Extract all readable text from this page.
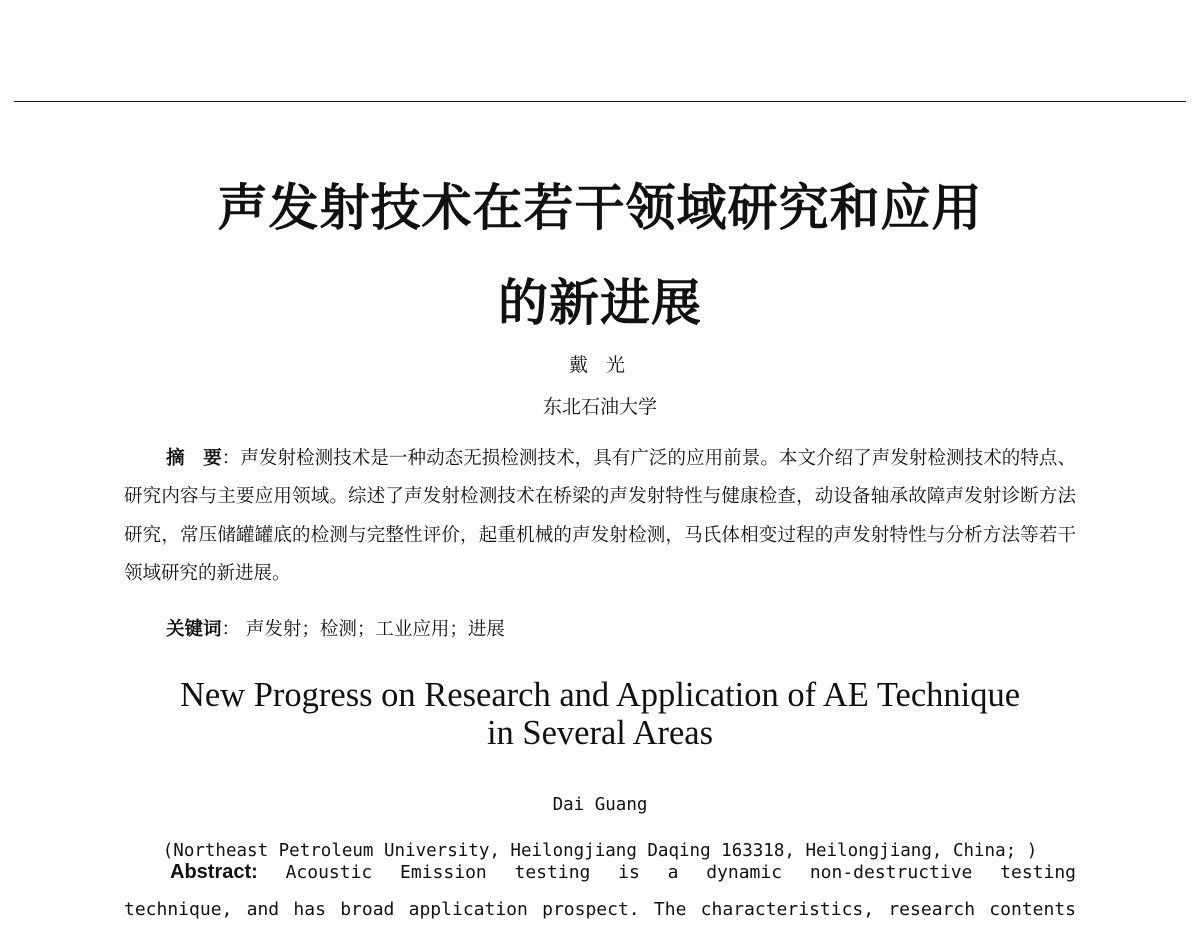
声发射技术在若干领域研究和应用
的新进展
戴 光
东北石油大学
摘　要：声发射检测技术是一种动态无损检测技术，具有广泛的应用前景。本文介绍了声发射检测技术的特点、研究内容与主要应用领域。综述了声发射检测技术在桥梁的声发射特性与健康检查，动设备轴承故障声发射诊断方法研究，常压储罐罐底的检测与完整性评价，起重机械的声发射检测，马氏体相变过程的声发射特性与分析方法等若干领域研究的新进展。
关键词： 声发射；检测；工业应用；进展
New Progress on Research and Application of AE Technique
in Several Areas
Dai Guang
(Northeast Petroleum University, Heilongjiang Daqing 163318, Heilongjiang, China; )
Abstract: Acoustic Emission testing is a dynamic non-destructive testing technique, and has broad application prospect. The characteristics, research contents
